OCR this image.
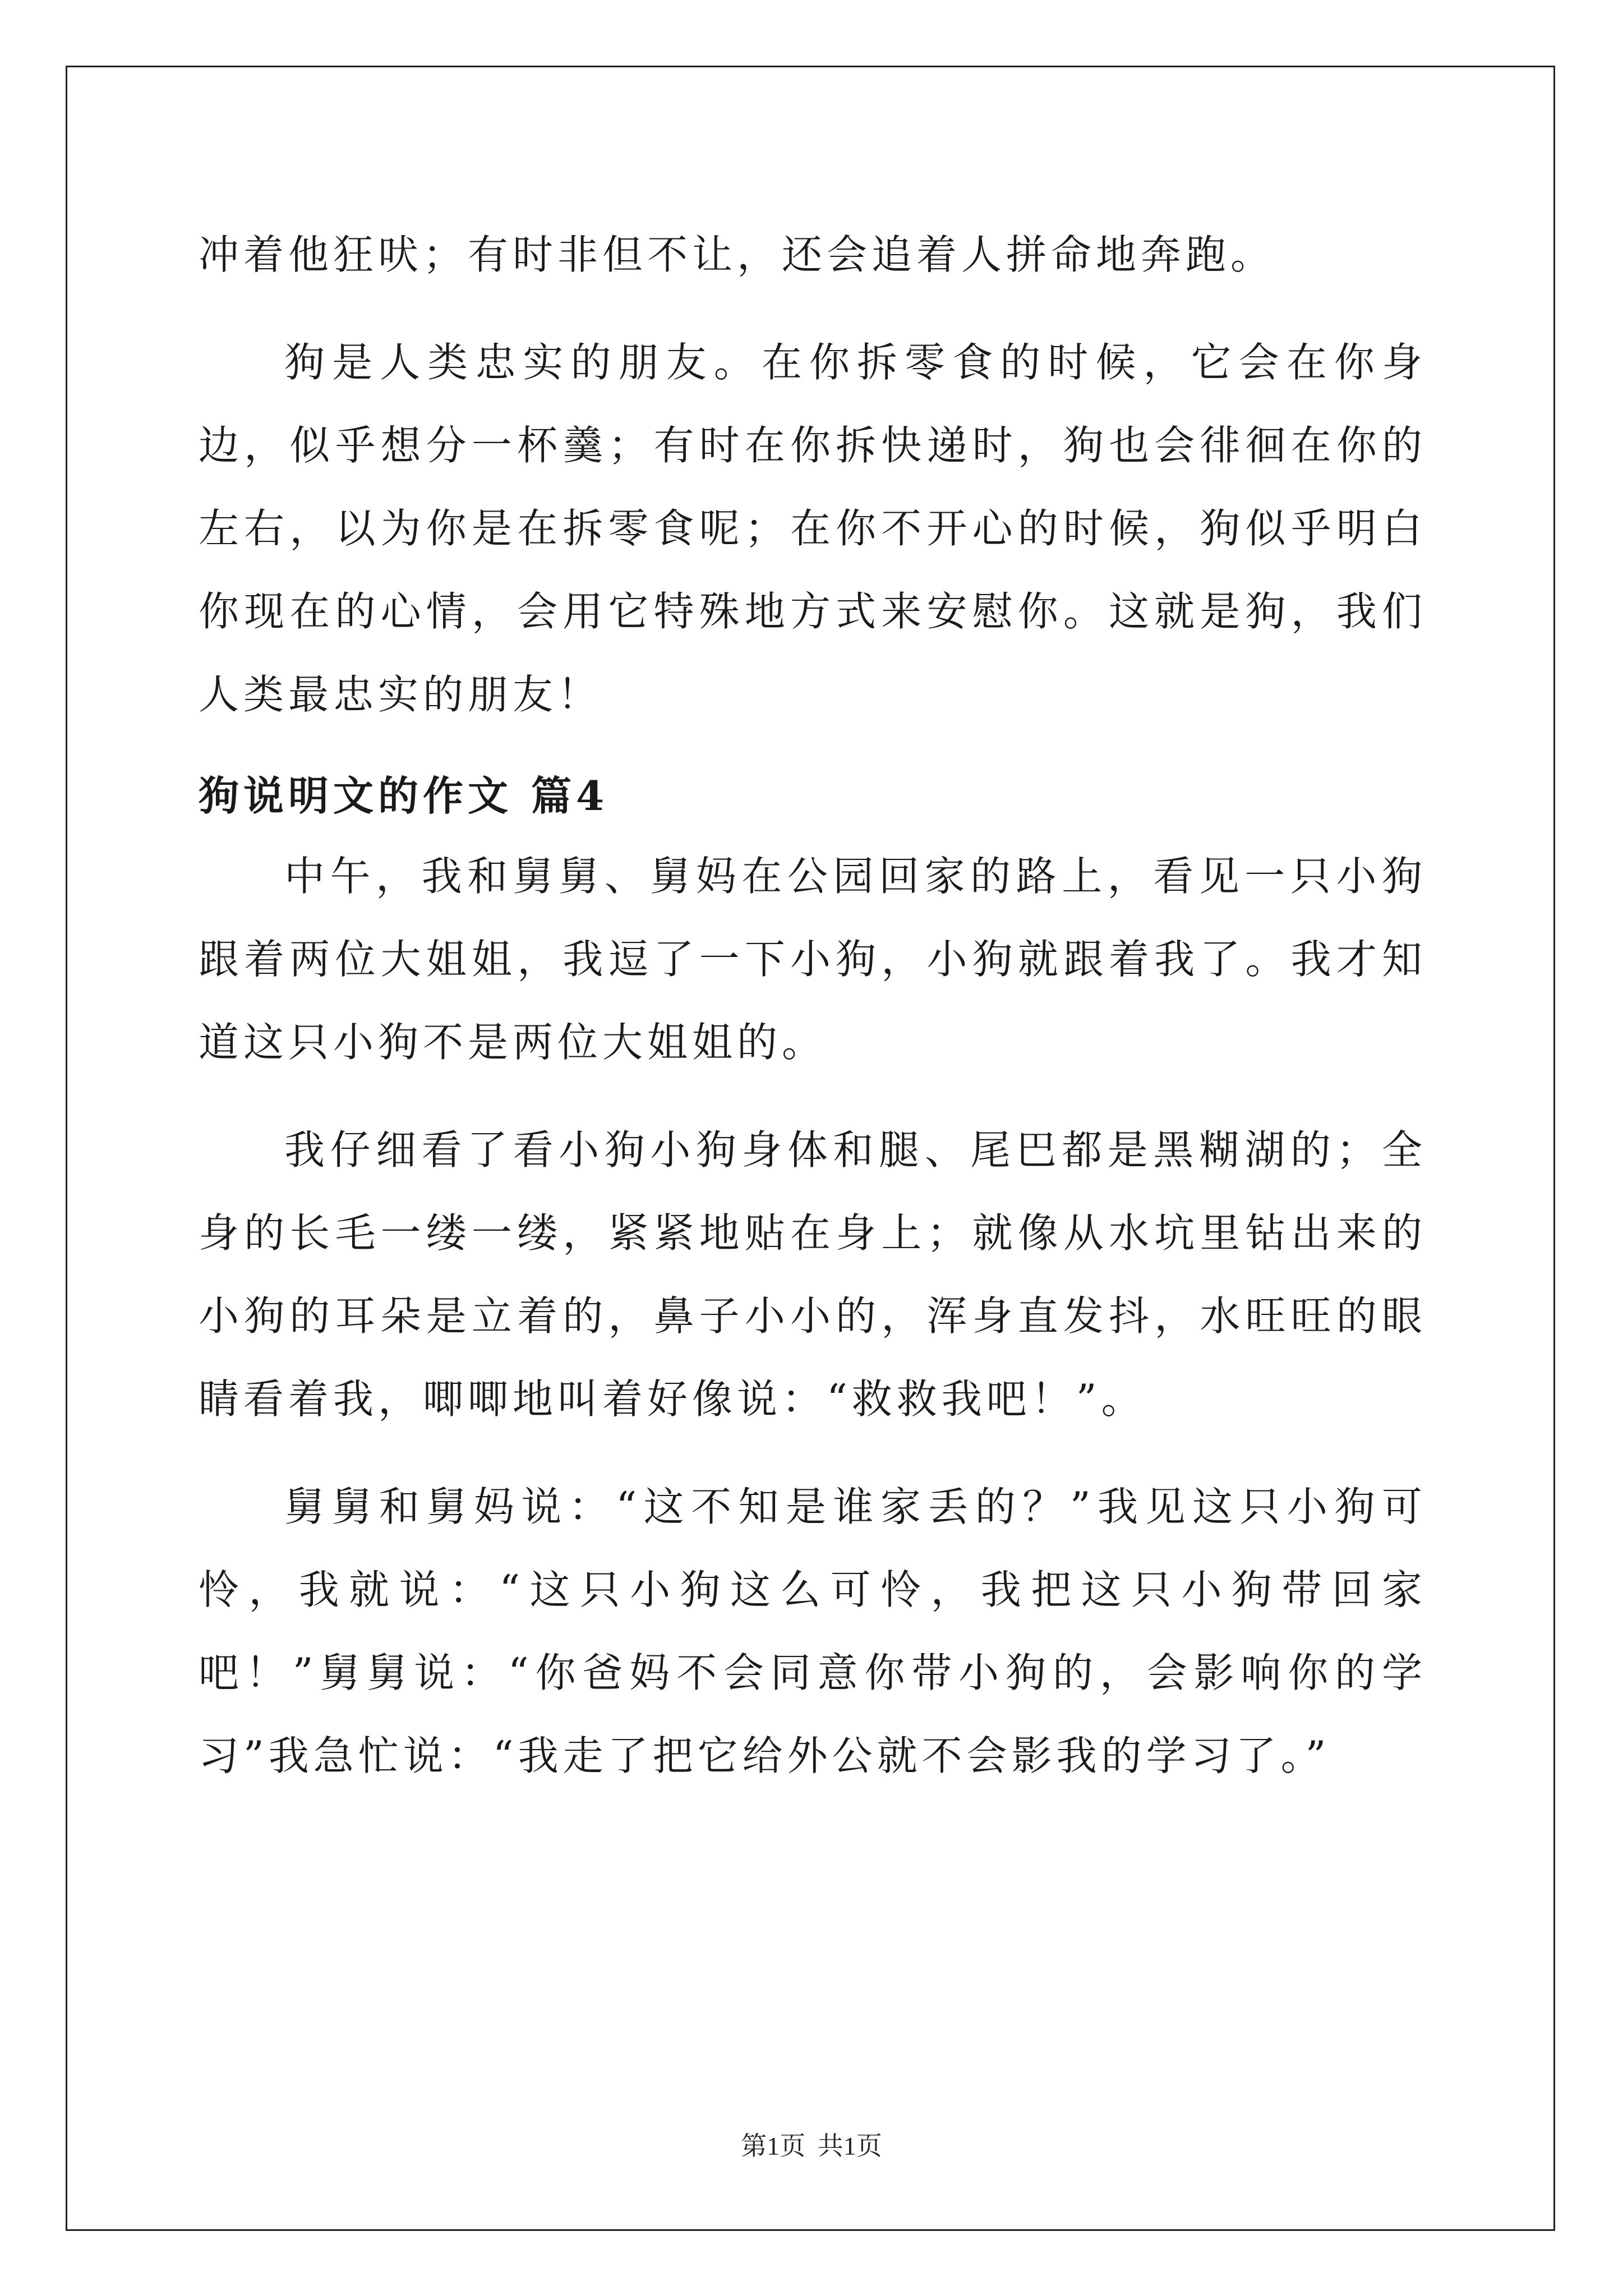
冲着他狂吠；有时非但不让，还会追着人拼命地奔跑。

狗是人类忠实的朋友。在你拆零食的时候，它会在你身边，似乎想分一杯羹；有时在你拆快递时，狗也会徘徊在你的左右，以为你是在拆零食呢；在你不开心的时候，狗似乎明白你现在的心情，会用它特殊地方式来安慰你。这就是狗，我们人类最忠实的朋友！

狗说明文的作文 篇4

中午，我和舅舅、舅妈在公园回家的路上，看见一只小狗跟着两位大姐姐，我逗了一下小狗，小狗就跟着我了。我才知道这只小狗不是两位大姐姐的。

我仔细看了看小狗小狗身体和腿、尾巴都是黑糊湖的；全身的长毛一缕一缕，紧紧地贴在身上；就像从水坑里钻出来的小狗的耳朵是立着的，鼻子小小的，浑身直发抖，水旺旺的眼睛看着我，唧唧地叫着好像说：“救救我吧！”。

舅舅和舅妈说：“这不知是谁家丢的？”我见这只小狗可怜，我就说：“这只小狗这么可怜，我把这只小狗带回家吧！”舅舅说：“你爸妈不会同意你带小狗的，会影响你的学习”我急忙说：“我走了把它给外公就不会影我的学习了。”

第1页 共1页
